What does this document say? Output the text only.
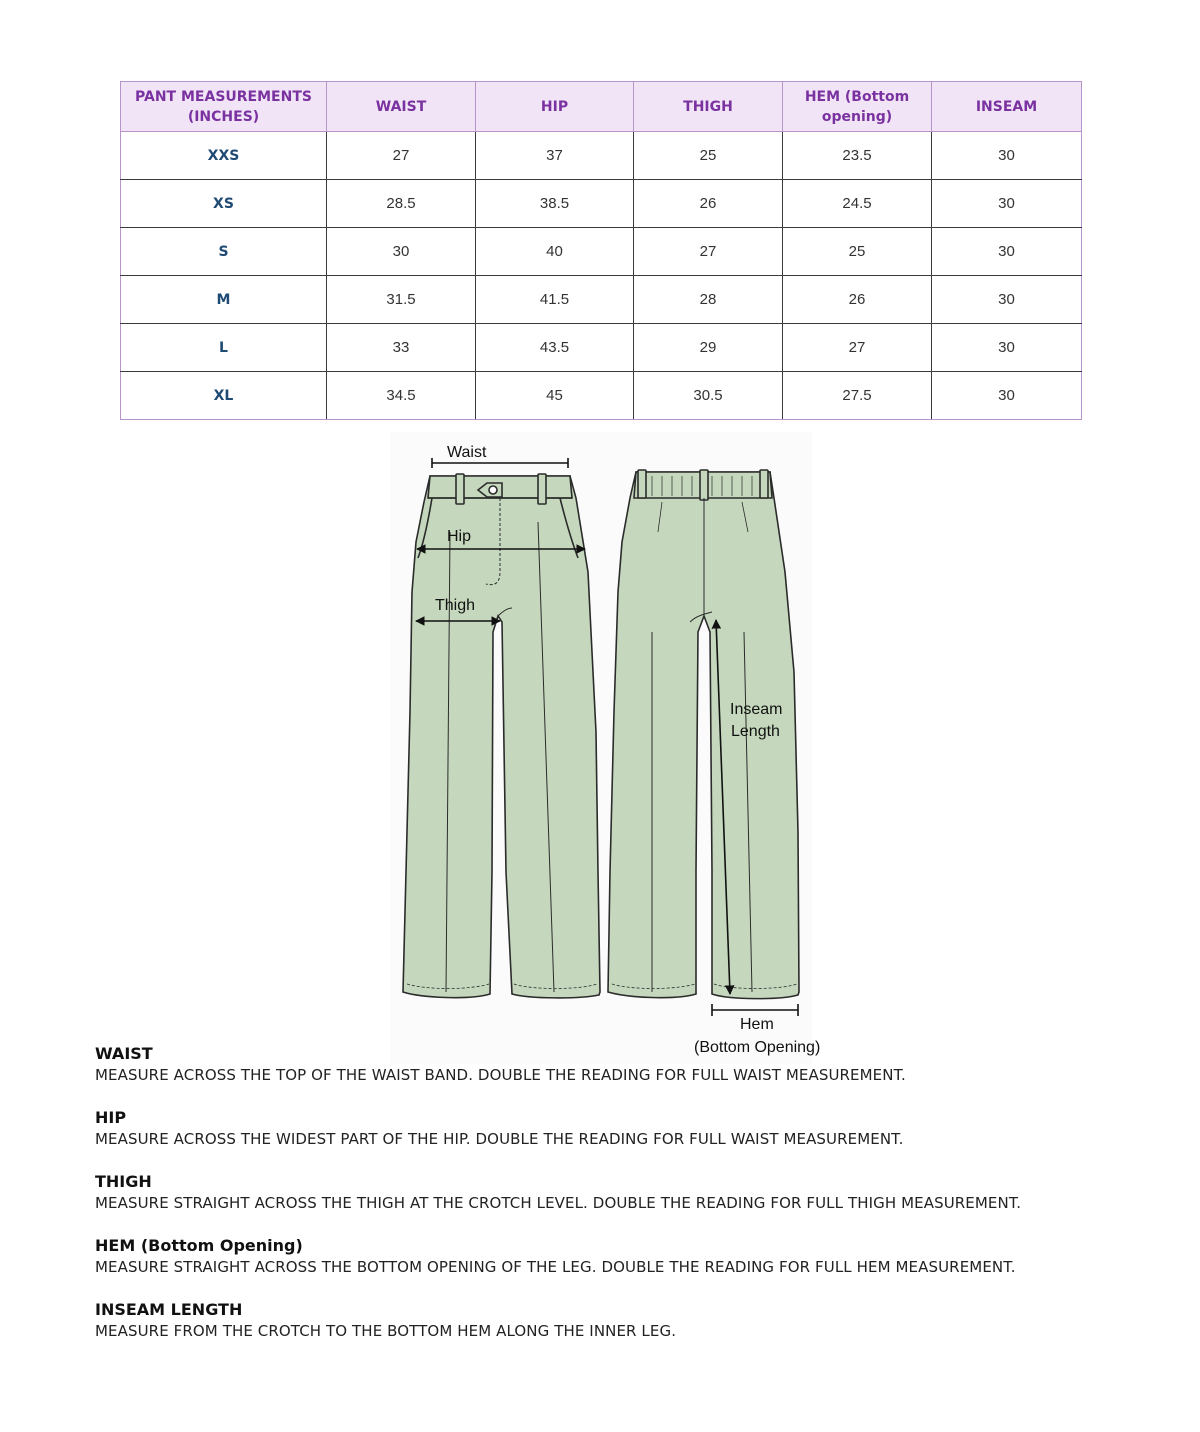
PANT MEASUREMENTS (INCHES)	WAIST	HIP	THIGH	HEM (Bottom opening)	INSEAM
XXS	27	37	25	23.5	30
XS	28.5	38.5	26	24.5	30
S	30	40	27	25	30
M	31.5	41.5	28	26	30
L	33	43.5	29	27	30
XL	34.5	45	30.5	27.5	30
Waist
Hip
Thigh
Inseam
Length
Hem
(Bottom Opening)
WAIST
MEASURE ACROSS THE TOP OF THE WAIST BAND. DOUBLE THE READING FOR FULL WAIST MEASUREMENT.
HIP
MEASURE ACROSS THE WIDEST PART OF THE HIP. DOUBLE THE READING FOR FULL WAIST MEASUREMENT.
THIGH
MEASURE STRAIGHT ACROSS THE THIGH AT THE CROTCH LEVEL. DOUBLE THE READING FOR FULL THIGH MEASUREMENT.
HEM (Bottom Opening)
MEASURE STRAIGHT ACROSS THE BOTTOM OPENING OF THE LEG. DOUBLE THE READING FOR FULL HEM MEASUREMENT.
INSEAM LENGTH
MEASURE FROM THE CROTCH TO THE BOTTOM HEM ALONG THE INNER LEG.
